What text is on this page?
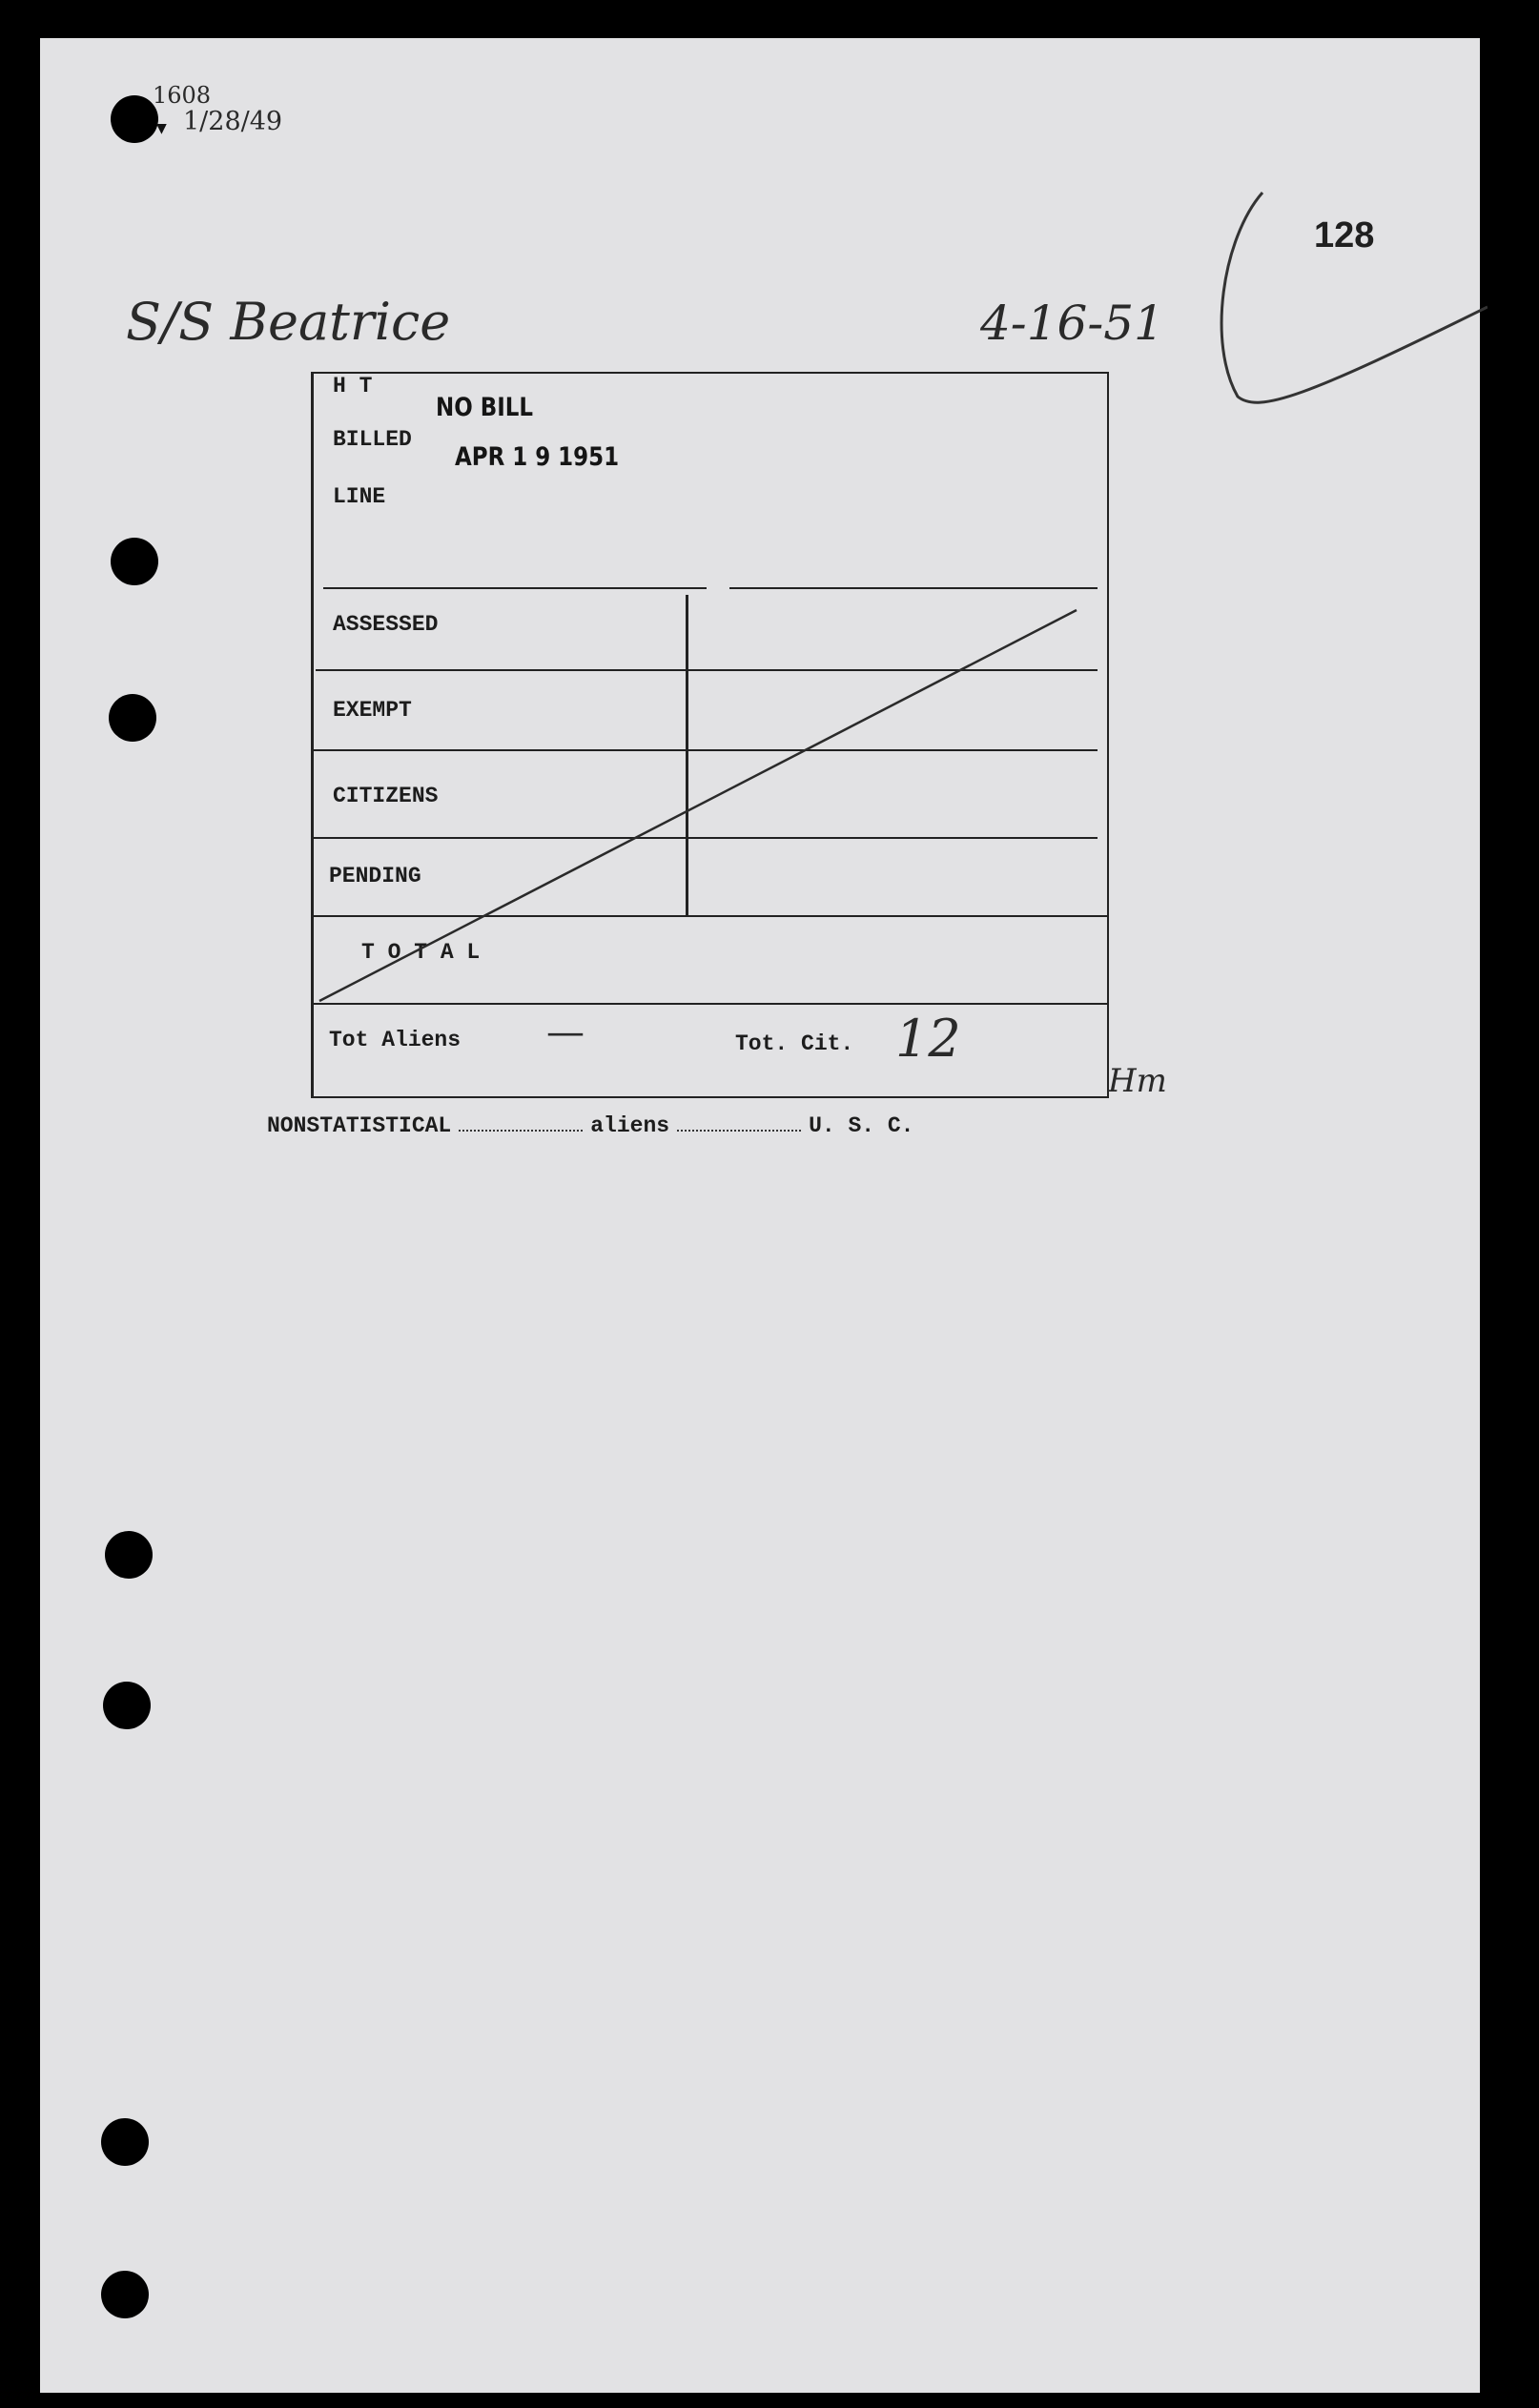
1608
▼ 1/28/49
128
S/S Beatrice	4-16-51
H T
BILLED
LINE
NO BILL
APR 1 9 1951
ASSESSED
EXEMPT
CITIZENS
PENDING
T O T A L
Tot Aliens —	Tot. Cit. 12
Hm
NONSTATISTICAL	aliens	U. S. C.
